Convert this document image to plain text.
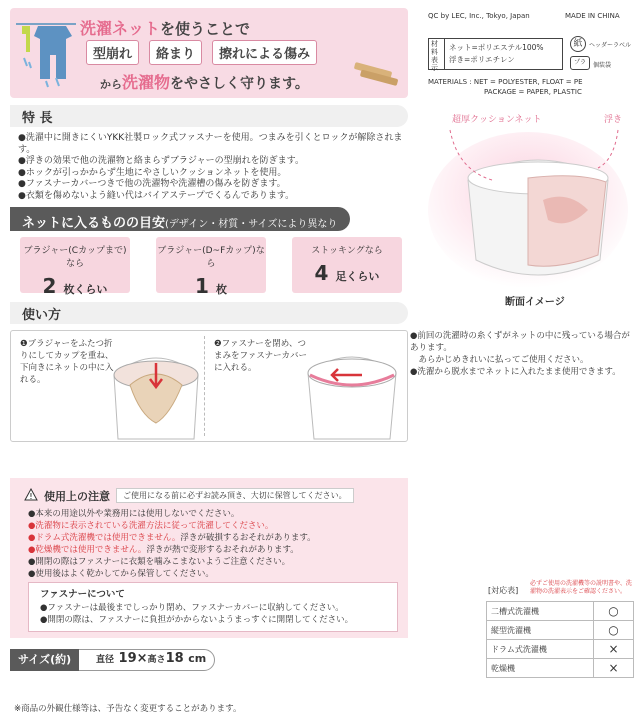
洗濯ネットを使うことで
型崩れ	絡まり	擦れによる傷み
から洗濯物をやさしく守ります。
特 長
●洗濯中に開きにくいYKK社製ロック式ファスナーを使用。つまみを引くとロックが解除されます。
●浮きの効果で他の洗濯物と絡まらずブラジャーの型崩れを防ぎます。
●ホックが引っかからず生地にやさしいクッションネットを使用。
●ファスナーカバーつきで他の洗濯物や洗濯槽の傷みを防ぎます。
●衣類を傷めないよう縫い代はバイアステープでくるんであります。
ネットに入るものの目安(デザイン・材質・サイズにより異なり
ブラジャー(Cカップまで)なら
2 枚くらい
ブラジャー(D~Fカップ)なら
1 枚
ストッキングなら
4 足くらい
使い方
❶ブラジャーをふたつ折りにしてカップを重ね、下向きにネットの中に入れる。
❷ファスナーを閉め、つまみをファスナーカバーに入れる。
QC by LEC, Inc., Tokyo, Japan	MADE IN CHINA
材料表示
ネット=ポリエステル100%
浮き=ポリエチレン
紙	ヘッダーラベル
プラ	個装袋
MATERIALS : NET = POLYESTER, FLOAT = PE
PACKAGE = PAPER, PLASTIC
超厚クッションネット	浮き
断面イメージ
●前回の洗濯時の糸くずがネットの中に残っている場合があります。
　あらかじめきれいに払ってご使用ください。
●洗濯から脱水までネットに入れたまま使用できます。
! 使用上の注意	ご使用になる前に必ずお読み頂き、大切に保管してください。
●本来の用途以外や業務用には使用しないでください。
●洗濯物に表示されている洗濯方法に従って洗濯してください。
●ドラム式洗濯機では使用できません。浮きが破損するおそれがあります。
●乾燥機では使用できません。浮きが熱で変形するおそれがあります。
●開閉の際はファスナーに衣類を噛みこまないようご注意ください。
●使用後はよく乾かしてから保管してください。
ファスナーについて
●ファスナーは最後までしっかり閉め、ファスナーカバーに収納してください。
●開閉の際は、ファスナーに負担がかからないようまっすぐに開閉してください。
サイズ(約)	直径 19×高さ18 cm
※商品の外観仕様等は、予告なく変更することがあります。
[対応表]
必ずご使用の洗濯機等の説明書や、洗濯物の洗濯表示をご確認ください。
二槽式洗濯機	○
縦型洗濯機	○
ドラム式洗濯機	×
乾燥機	×
